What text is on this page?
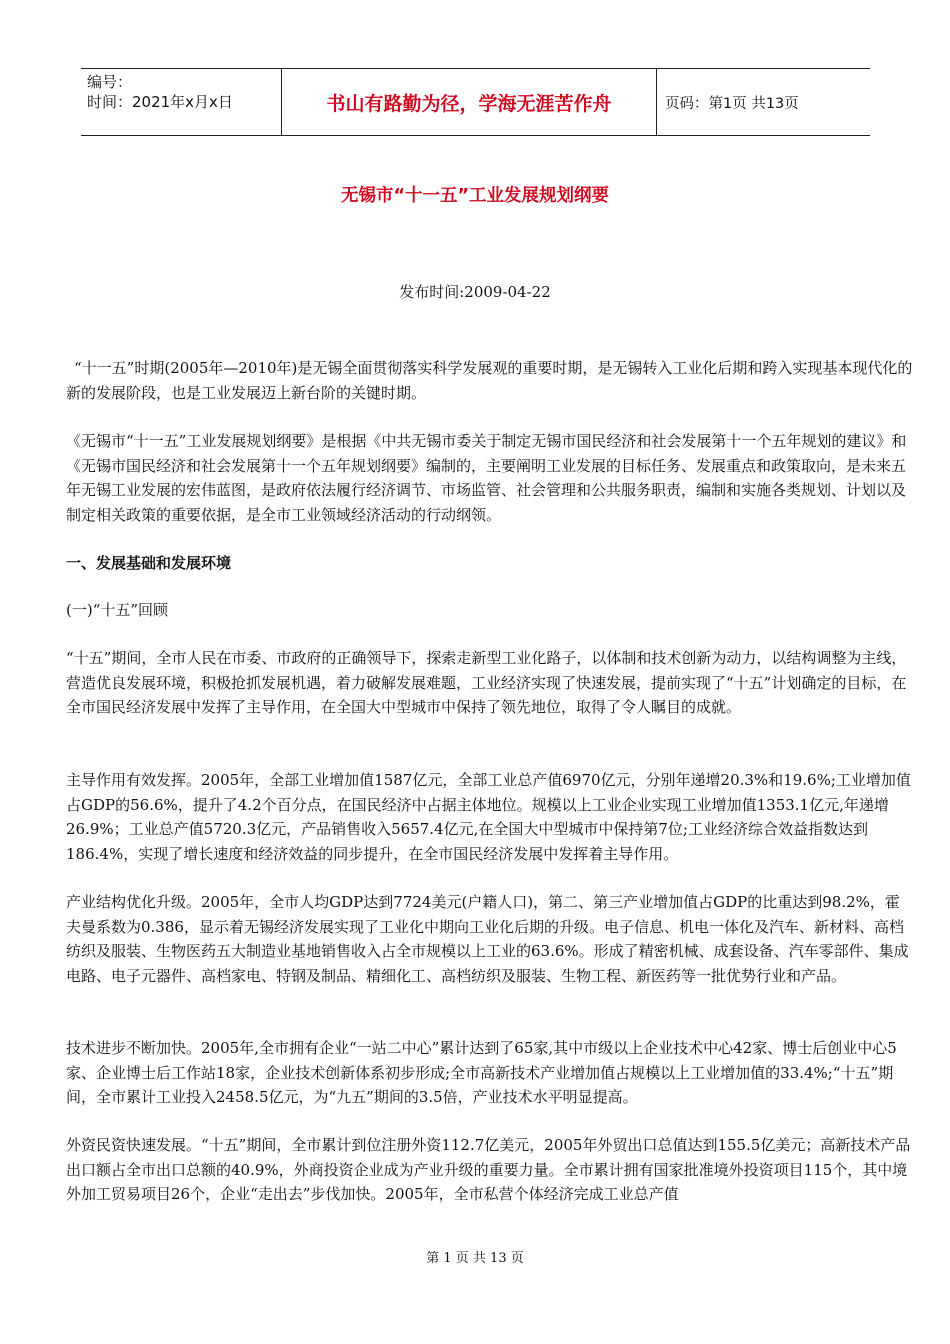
编号：
时间：2021年x月x日	书山有路勤为径，学海无涯苦作舟	页码：第1页 共13页
无锡市“十一五”工业发展规划纲要
发布时间:2009-04-22

“十一五”时期(2005年—2010年)是无锡全面贯彻落实科学发展观的重要时期，是无锡转入工业化后期和跨入实现基本现代化的新的发展阶段，也是工业发展迈上新台阶的关键时期。

《无锡市“十一五”工业发展规划纲要》是根据《中共无锡市委关于制定无锡市国民经济和社会发展第十一个五年规划的建议》和《无锡市国民经济和社会发展第十一个五年规划纲要》编制的，主要阐明工业发展的目标任务、发展重点和政策取向，是未来五年无锡工业发展的宏伟蓝图，是政府依法履行经济调节、市场监管、社会管理和公共服务职责，编制和实施各类规划、计划以及制定相关政策的重要依据，是全市工业领域经济活动的行动纲领。

一、发展基础和发展环境

(一)“十五”回顾

“十五”期间，全市人民在市委、市政府的正确领导下，探索走新型工业化路子，以体制和技术创新为动力，以结构调整为主线，营造优良发展环境，积极抢抓发展机遇，着力破解发展难题，工业经济实现了快速发展，提前实现了“十五”计划确定的目标，在全市国民经济发展中发挥了主导作用，在全国大中型城市中保持了领先地位，取得了令人瞩目的成就。

主导作用有效发挥。2005年，全部工业增加值1587亿元，全部工业总产值6970亿元，分别年递增20.3%和19.6%;工业增加值占GDP的56.6%，提升了4.2个百分点，在国民经济中占据主体地位。规模以上工业企业实现工业增加值1353.1亿元,年递增26.9%；工业总产值5720.3亿元，产品销售收入5657.4亿元,在全国大中型城市中保持第7位;工业经济综合效益指数达到186.4%，实现了增长速度和经济效益的同步提升，在全市国民经济发展中发挥着主导作用。

产业结构优化升级。2005年，全市人均GDP达到7724美元(户籍人口)，第二、第三产业增加值占GDP的比重达到98.2%，霍夫曼系数为0.386，显示着无锡经济发展实现了工业化中期向工业化后期的升级。电子信息、机电一体化及汽车、新材料、高档纺织及服装、生物医药五大制造业基地销售收入占全市规模以上工业的63.6%。形成了精密机械、成套设备、汽车零部件、集成电路、电子元器件、高档家电、特钢及制品、精细化工、高档纺织及服装、生物工程、新医药等一批优势行业和产品。

技术进步不断加快。2005年,全市拥有企业“一站二中心”累计达到了65家,其中市级以上企业技术中心42家、博士后创业中心5家、企业博士后工作站18家，企业技术创新体系初步形成;全市高新技术产业增加值占规模以上工业增加值的33.4%;“十五”期间，全市累计工业投入2458.5亿元，为“九五”期间的3.5倍，产业技术水平明显提高。

外资民资快速发展。“十五”期间，全市累计到位注册外资112.7亿美元，2005年外贸出口总值达到155.5亿美元；高新技术产品出口额占全市出口总额的40.9%，外商投资企业成为产业升级的重要力量。全市累计拥有国家批准境外投资项目115个，其中境外加工贸易项目26个，企业“走出去”步伐加快。2005年，全市私营个体经济完成工业总产值

第 1 页 共 13 页
